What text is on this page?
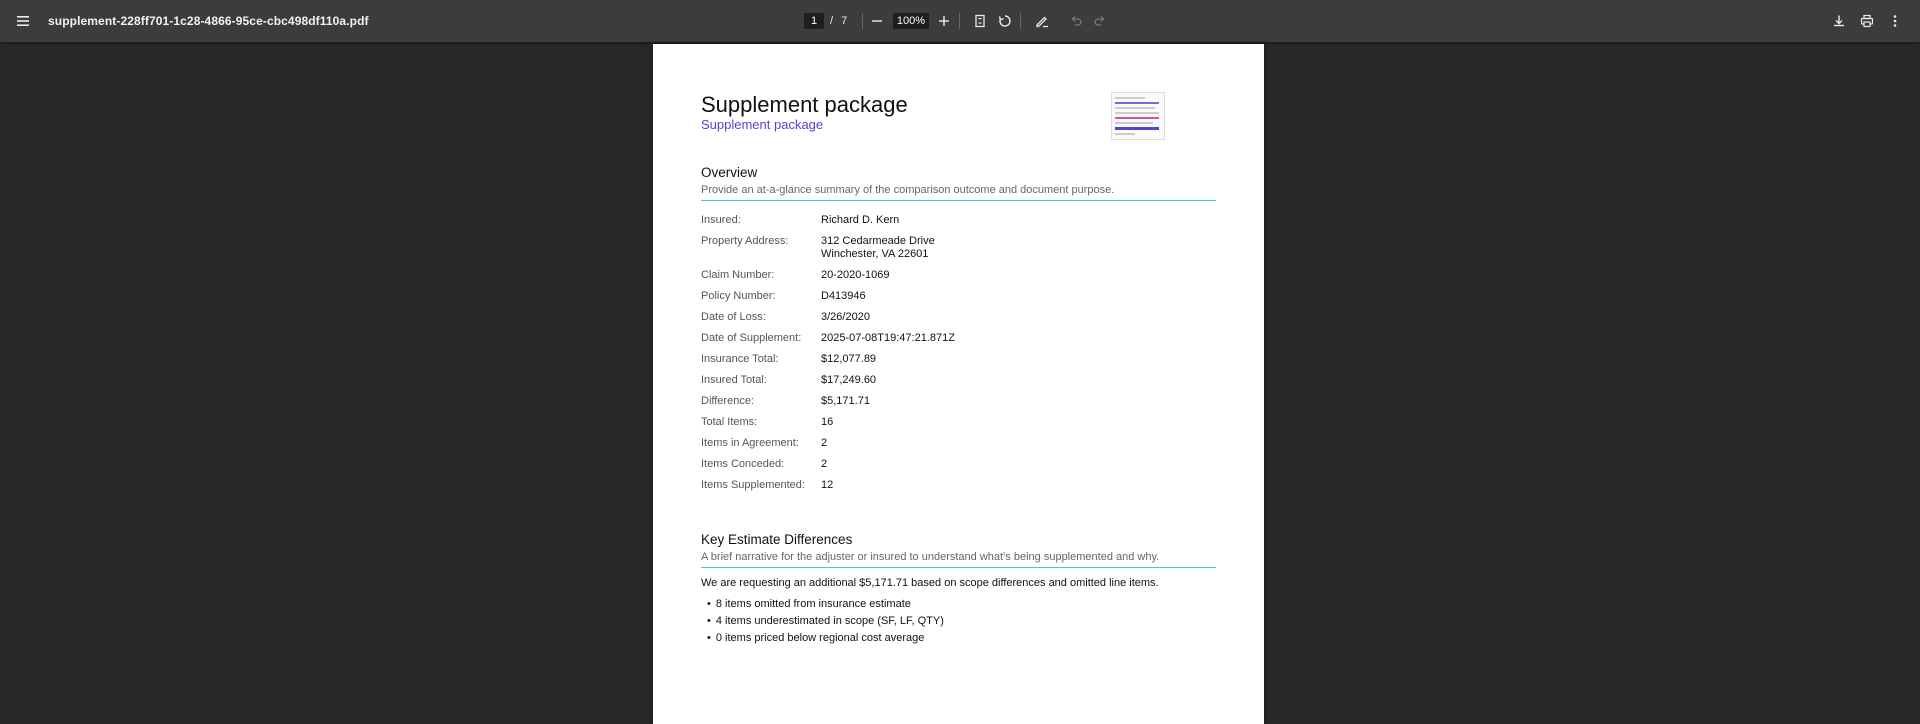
supplement-228ff701-1c28-4866-95ce-cbc498df110a.pdf	1	/ 7	100%
Supplement package
Supplement package
Overview
Provide an at-a-glance summary of the comparison outcome and document purpose.
Insured:	Richard D. Kern
Property Address:	312 Cedarmeade Drive
Winchester, VA 22601
Claim Number:	20-2020-1069
Policy Number:	D413946
Date of Loss:	3/26/2020
Date of Supplement:	2025-07-08T19:47:21.871Z
Insurance Total:	$12,077.89
Insured Total:	$17,249.60
Difference:	$5,171.71
Total Items:	16
Items in Agreement:	2
Items Conceded:	2
Items Supplemented:	12
Key Estimate Differences
A brief narrative for the adjuster or insured to understand what’s being supplemented and why.
We are requesting an additional $5,171.71 based on scope differences and omitted line items.
• 8 items omitted from insurance estimate
• 4 items underestimated in scope (SF, LF, QTY)
• 0 items priced below regional cost average
